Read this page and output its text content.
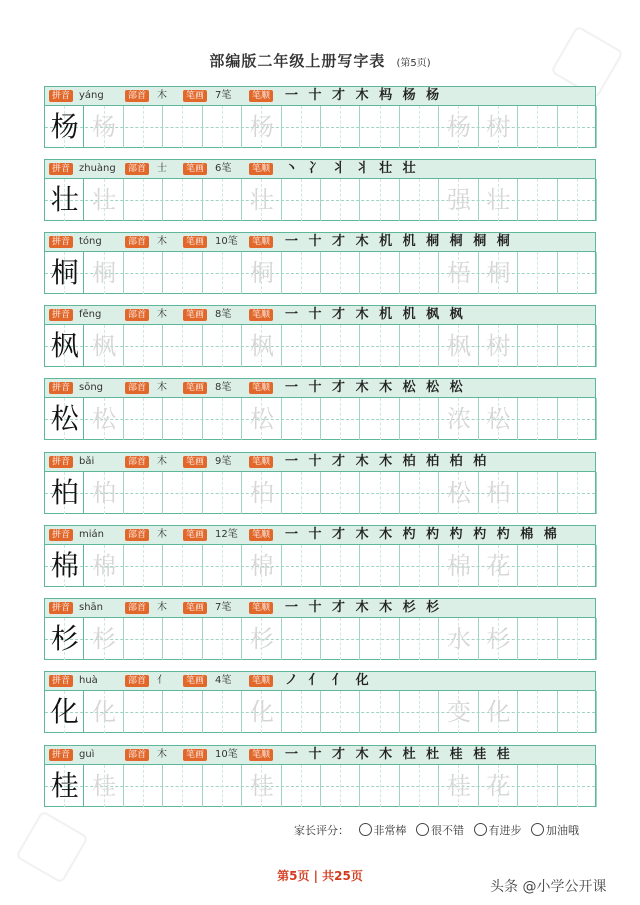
部编版二年级上册写字表 (第5页)
拼音 yáng	部首	木	笔画	7笔	笔顺 一 十 才 木 杩 杨 杨
杨 杨	杨	杨 树
拼音 zhuàng	部首	士	笔画	6笔	笔顺 丶 冫 丬 丬 壮 壮
壮 壮	壮	强 壮
拼音 tóng	部首	木	笔画	10笔	笔顺 一 十 才 木 机 机 桐 桐 桐 桐
桐 桐	桐	梧 桐
拼音 fēng	部首	木	笔画	8笔	笔顺 一 十 才 木 机 机 枫 枫
枫 枫	枫	枫 树
拼音 sōng	部首	木	笔画	8笔	笔顺 一 十 才 木 木 松 松 松
松 松	松	浓 松
拼音 bǎi	部首	木	笔画	9笔	笔顺 一 十 才 木 木 柏 柏 柏 柏
柏 柏	柏	松 柏
拼音 mián	部首	木	笔画	12笔	笔顺 一 十 才 木 木 杓 杓 杓 杓 杓 棉 棉
棉 棉	棉	棉 花
拼音 shān	部首	木	笔画	7笔	笔顺 一 十 才 木 木 杉 杉
杉 杉	杉	水 杉
拼音 huà	部首	亻	笔画	4笔	笔顺 ノ 亻 亻 化
化 化	化	变 化
拼音 guì	部首	木	笔画	10笔	笔顺 一 十 才 木 木 杜 杜 桂 桂 桂
桂 桂	桂	桂 花
家长评分： 非常棒 很不错 有进步 加油哦
第5页 | 共25页
头条 @小学公开课
